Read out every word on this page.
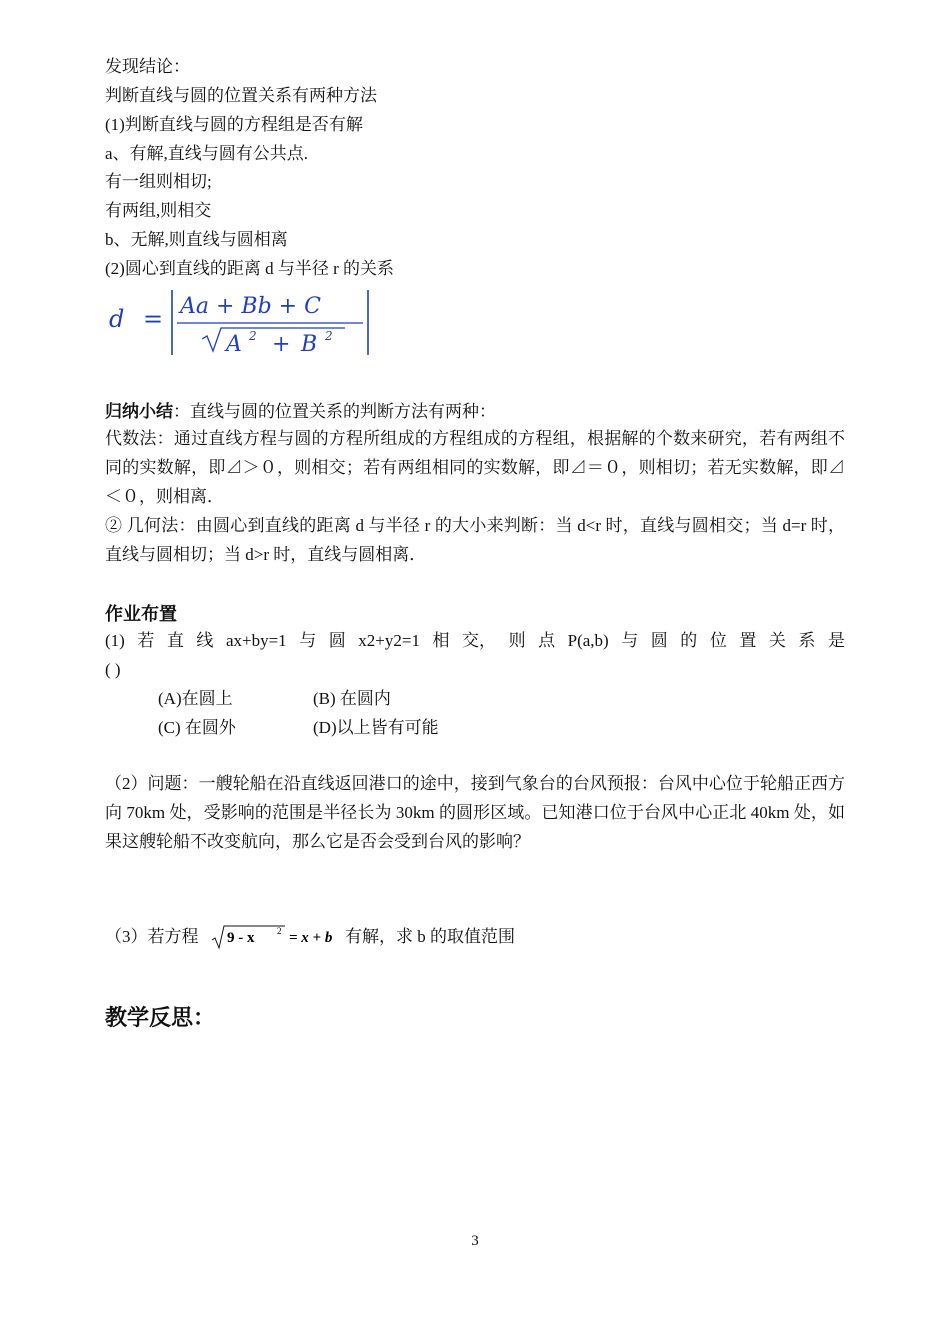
发现结论：
判断直线与圆的位置关系有两种方法
(1)判断直线与圆的方程组是否有解
a、有解,直线与圆有公共点.
有一组则相切;
有两组,则相交
b、无解,则直线与圆相离
(2)圆心到直线的距离 d 与半径 r 的关系
d = Aa + Bb + C
A 2 + B 2
归纳小结：直线与圆的位置关系的判断方法有两种：
代数法：通过直线方程与圆的方程所组成的方程组成的方程组，根据解的个数来研究，若有两组不同的实数解，即⊿＞０，则相交；若有两组相同的实数解，即⊿＝０，则相切；若无实数解，即⊿＜０，则相离．
② 几何法：由圆心到直线的距离 d 与半径 r 的大小来判断：当 d<r 时，直线与圆相交；当 d=r 时，直线与圆相切；当 d>r 时，直线与圆相离．
作业布置
(1) 若 直 线 ax+by=1 与 圆 x2+y2=1 相 交， 则 点 P(a,b) 与 圆 的 位 置 关 系 是
( )
(A)在圆上	(B) 在圆内
(C) 在圆外	(D)以上皆有可能
（2）问题：一艘轮船在沿直线返回港口的途中，接到气象台的台风预报：台风中心位于轮船正西方向 70km 处，受影响的范围是半径长为 30km 的圆形区域。已知港口位于台风中心正北 40km 处，如果这艘轮船不改变航向，那么它是否会受到台风的影响？
（3）若方程 9 - x	2 = x + b 有解，求 b 的取值范围
教学反思：
3
